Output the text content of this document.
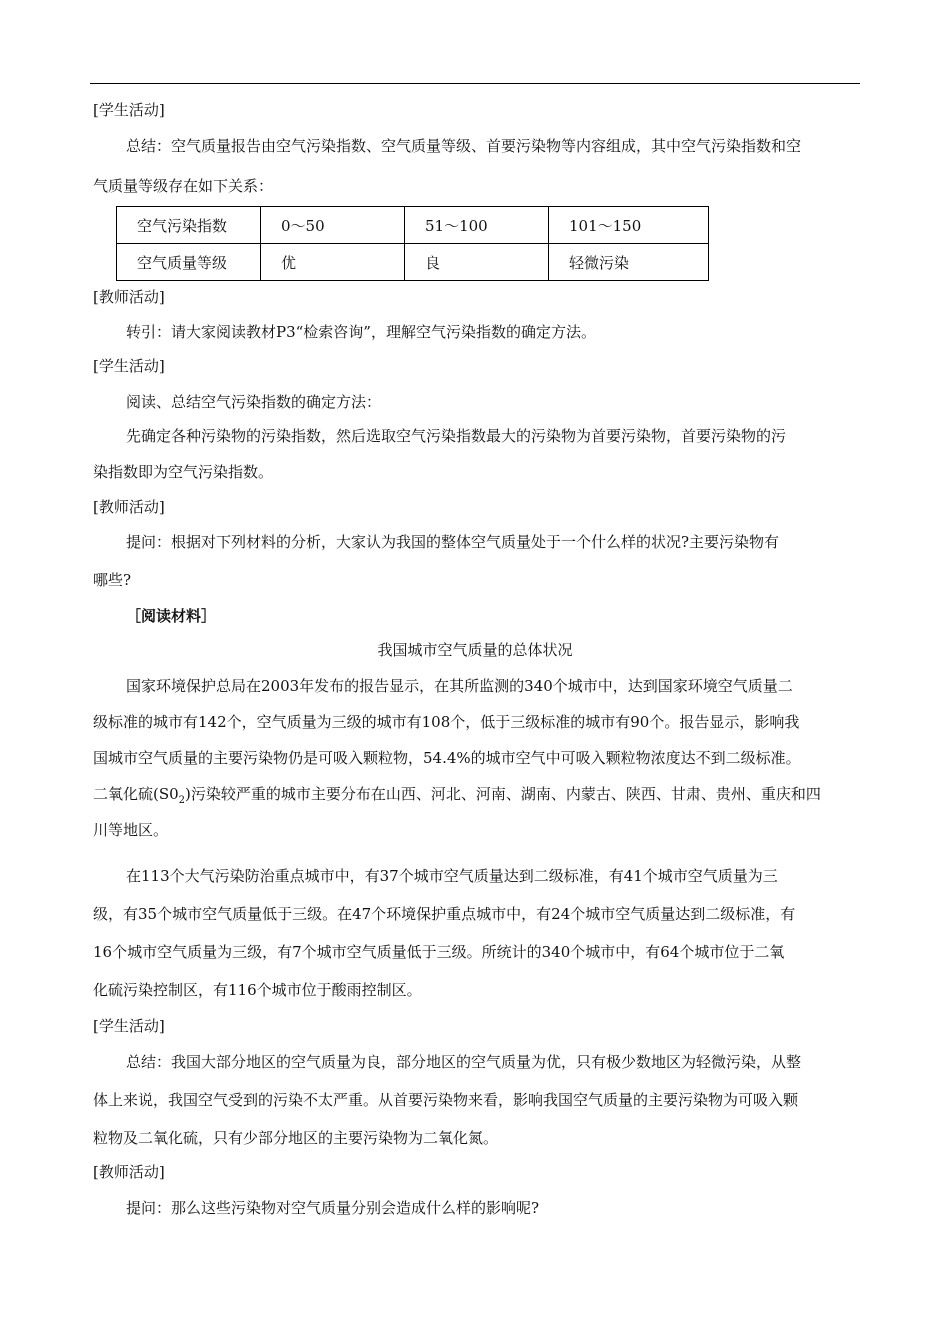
[学生活动]
总结：空气质量报告由空气污染指数、空气质量等级、首要污染物等内容组成，其中空气污染指数和空
气质量等级存在如下关系：
空气污染指数	0～50	51～100	101～150
空气质量等级	优	良	轻微污染
[教师活动]
转引：请大家阅读教材P3“检索咨询”，理解空气污染指数的确定方法。
[学生活动]
阅读、总结空气污染指数的确定方法：
先确定各种污染物的污染指数，然后选取空气污染指数最大的污染物为首要污染物，首要污染物的污
染指数即为空气污染指数。
[教师活动]
提问：根据对下列材料的分析，大家认为我国的整体空气质量处于一个什么样的状况?主要污染物有
哪些?
［阅读材料］
我国城市空气质量的总体状况
国家环境保护总局在2003年发布的报告显示，在其所监测的340个城市中，达到国家环境空气质量二
级标准的城市有142个，空气质量为三级的城市有108个，低于三级标准的城市有90个。报告显示，影响我
国城市空气质量的主要污染物仍是可吸入颗粒物，54.4%的城市空气中可吸入颗粒物浓度达不到二级标准。
二氧化硫$(S0_2)$污染较严重的城市主要分布在山西、河北、河南、湖南、内蒙古、陕西、甘肃、贵州、重庆和四
川等地区。
在113个大气污染防治重点城市中，有37个城市空气质量达到二级标准，有41个城市空气质量为三
级，有35个城市空气质量低于三级。在47个环境保护重点城市中，有24个城市空气质量达到二级标准，有
16个城市空气质量为三级，有7个城市空气质量低于三级。所统计的340个城市中，有64个城市位于二氧
化硫污染控制区，有116个城市位于酸雨控制区。
[学生活动]
总结：我国大部分地区的空气质量为良，部分地区的空气质量为优，只有极少数地区为轻微污染，从整
体上来说，我国空气受到的污染不太严重。从首要污染物来看，影响我国空气质量的主要污染物为可吸入颗
粒物及二氧化硫，只有少部分地区的主要污染物为二氧化氮。
[教师活动]
提问：那么这些污染物对空气质量分别会造成什么样的影响呢?
